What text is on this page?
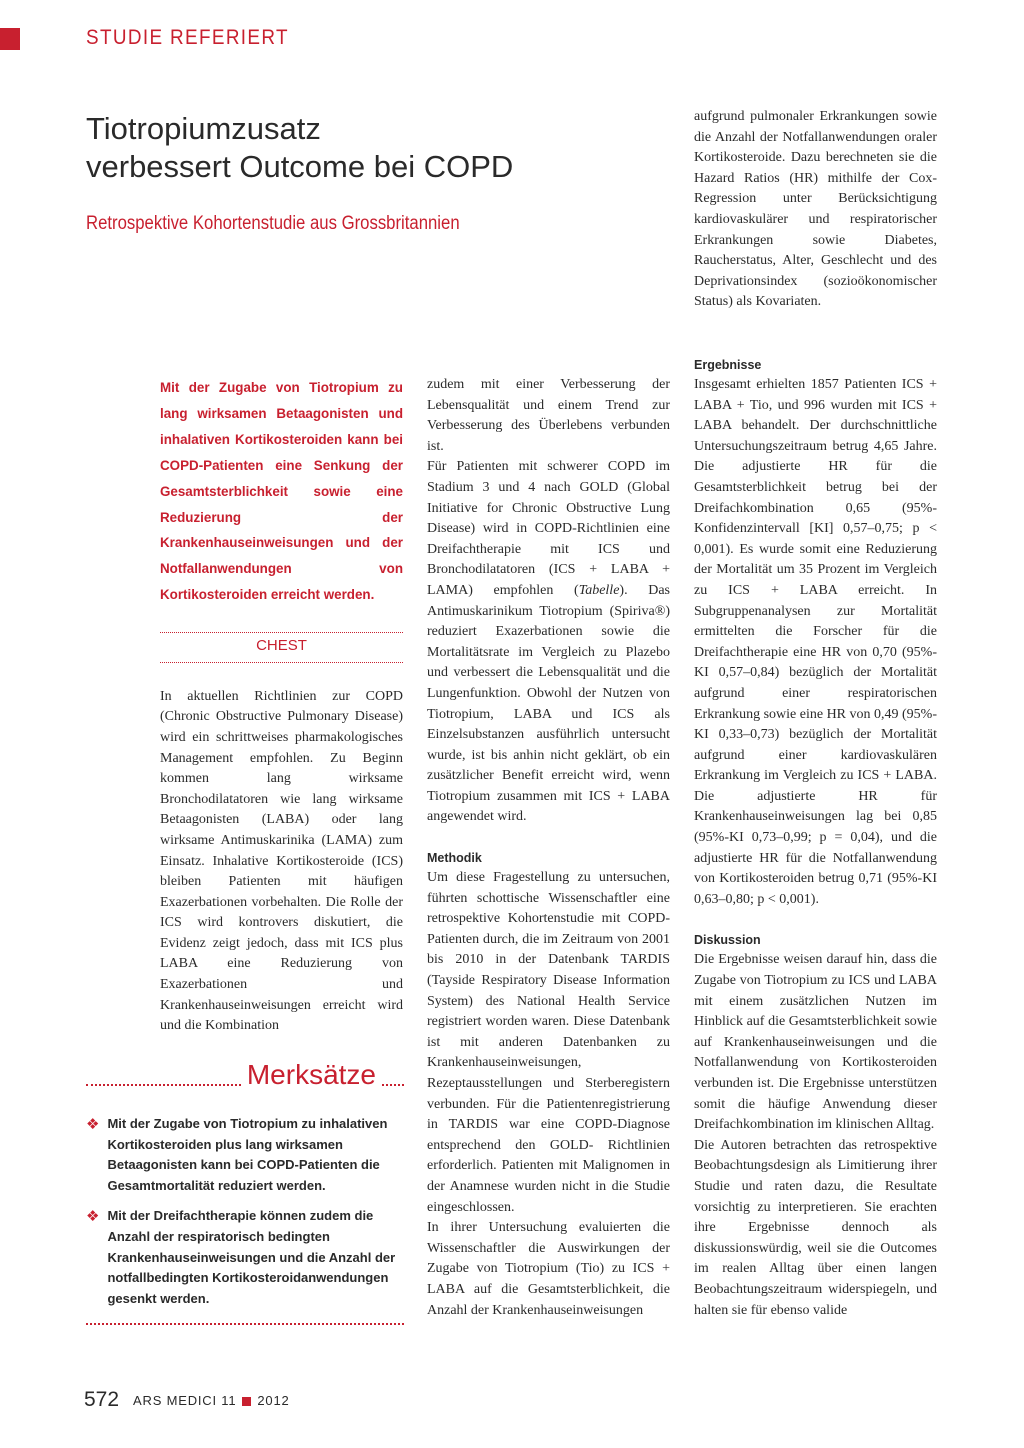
STUDIE REFERIERT
Tiotropiumzusatz
verbessert Outcome bei COPD
Retrospektive Kohortenstudie aus Grossbritannien

aufgrund pulmonaler Erkrankungen sowie die Anzahl der Notfallanwendungen oraler Kortikosteroide. Dazu berechneten sie die Hazard Ratios (HR) mithilfe der Cox-Regression unter Berücksichtigung kardiovaskulärer und respiratorischer Erkrankungen sowie Diabetes, Raucherstatus, Alter, Geschlecht und des Deprivationsindex (sozioökonomischer Status) als Kovariaten.

Mit der Zugabe von Tiotropium zu lang wirksamen Betaagonisten und inhalativen Kortikosteroiden kann bei COPD-Patienten eine Senkung der Gesamtsterblichkeit sowie eine Reduzierung der Krankenhauseinweisungen und der Notfallanwendungen von Kortikosteroiden erreicht werden.

CHEST

In aktuellen Richtlinien zur COPD (Chronic Obstructive Pulmonary Disease) wird ein schrittweises pharmakologisches Management empfohlen. Zu Beginn kommen lang wirksame Bronchodilatatoren wie lang wirksame Betaagonisten (LABA) oder lang wirksame Antimuskarinika (LAMA) zum Einsatz. Inhalative Kortikosteroide (ICS) bleiben Patienten mit häufigen Exazerbationen vorbehalten. Die Rolle der ICS wird kontrovers diskutiert, die Evidenz zeigt jedoch, dass mit ICS plus LABA eine Reduzierung von Exazerbationen und Krankenhauseinweisungen erreicht wird und die Kombination

zudem mit einer Verbesserung der Lebensqualität und einem Trend zur Verbesserung des Überlebens verbunden ist.

Für Patienten mit schwerer COPD im Stadium 3 und 4 nach GOLD (Global Initiative for Chronic Obstructive Lung Disease) wird in COPD-Richtlinien eine Dreifachtherapie mit ICS und Bronchodilatatoren (ICS + LABA + LAMA) empfohlen (Tabelle). Das Antimuskarinikum Tiotropium (Spiriva®) reduziert Exazerbationen sowie die Mortalitätsrate im Vergleich zu Plazebo und verbessert die Lebensqualität und die Lungenfunktion. Obwohl der Nutzen von Tiotropium, LABA und ICS als Einzelsubstanzen ausführlich untersucht wurde, ist bis anhin nicht geklärt, ob ein zusätzlicher Benefit erreicht wird, wenn Tiotropium zusammen mit ICS + LABA angewendet wird.

Methodik

Um diese Fragestellung zu untersuchen, führten schottische Wissenschaftler eine retrospektive Kohortenstudie mit COPD-Patienten durch, die im Zeitraum von 2001 bis 2010 in der Datenbank TARDIS (Tayside Respiratory Disease Information System) des National Health Service registriert worden waren. Diese Datenbank ist mit anderen Datenbanken zu Krankenhauseinweisungen, Rezeptausstellungen und Sterberegistern verbunden. Für die Patientenregistrierung in TARDIS war eine COPD-Diagnose entsprechend den GOLD- Richtlinien erforderlich. Patienten mit Malignomen in der Anamnese wurden nicht in die Studie eingeschlossen.

In ihrer Untersuchung evaluierten die Wissenschaftler die Auswirkungen der Zugabe von Tiotropium (Tio) zu ICS + LABA auf die Gesamtsterblichkeit, die Anzahl der Krankenhauseinweisungen

Ergebnisse

Insgesamt erhielten 1857 Patienten ICS + LABA + Tio, und 996 wurden mit ICS + LABA behandelt. Der durchschnittliche Untersuchungszeitraum betrug 4,65 Jahre. Die adjustierte HR für die Gesamtsterblichkeit betrug bei der Dreifachkombination 0,65 (95%-Konfidenzintervall [KI] 0,57–0,75; p < 0,001). Es wurde somit eine Reduzierung der Mortalität um 35 Prozent im Vergleich zu ICS + LABA erreicht. In Subgruppenanalysen zur Mortalität ermittelten die Forscher für die Dreifachtherapie eine HR von 0,70 (95%-KI 0,57–0,84) bezüglich der Mortalität aufgrund einer respiratorischen Erkrankung sowie eine HR von 0,49 (95%-KI 0,33–0,73) bezüglich der Mortalität aufgrund einer kardiovaskulären Erkrankung im Vergleich zu ICS + LABA. Die adjustierte HR für Krankenhauseinweisungen lag bei 0,85 (95%-KI 0,73–0,99; p = 0,04), und die adjustierte HR für die Notfallanwendung von Kortikosteroiden betrug 0,71 (95%-KI 0,63–0,80; p < 0,001).

Diskussion

Die Ergebnisse weisen darauf hin, dass die Zugabe von Tiotropium zu ICS und LABA mit einem zusätzlichen Nutzen im Hinblick auf die Gesamtsterblichkeit sowie auf Krankenhauseinweisungen und die Notfallanwendung von Kortikosteroiden verbunden ist. Die Ergebnisse unterstützen somit die häufige Anwendung dieser Dreifachkombination im klinischen Alltag.

Die Autoren betrachten das retrospektive Beobachtungsdesign als Limitierung ihrer Studie und raten dazu, die Resultate vorsichtig zu interpretieren. Sie erachten ihre Ergebnisse dennoch als diskussionswürdig, weil sie die Outcomes im realen Alltag über einen langen Beobachtungszeitraum widerspiegeln, und halten sie für ebenso valide

Merksätze
❖ Mit der Zugabe von Tiotropium zu inhalativen Kortikosteroiden plus lang wirksamen Betaagonisten kann bei COPD-Patienten die Gesamtmortalität reduziert werden.
❖ Mit der Dreifachtherapie können zudem die Anzahl der respiratorisch bedingten Krankenhauseinweisungen und die Anzahl der notfallbedingten Kortikosteroidanwendungen gesenkt werden.
572 ARS MEDICI 11 2012
